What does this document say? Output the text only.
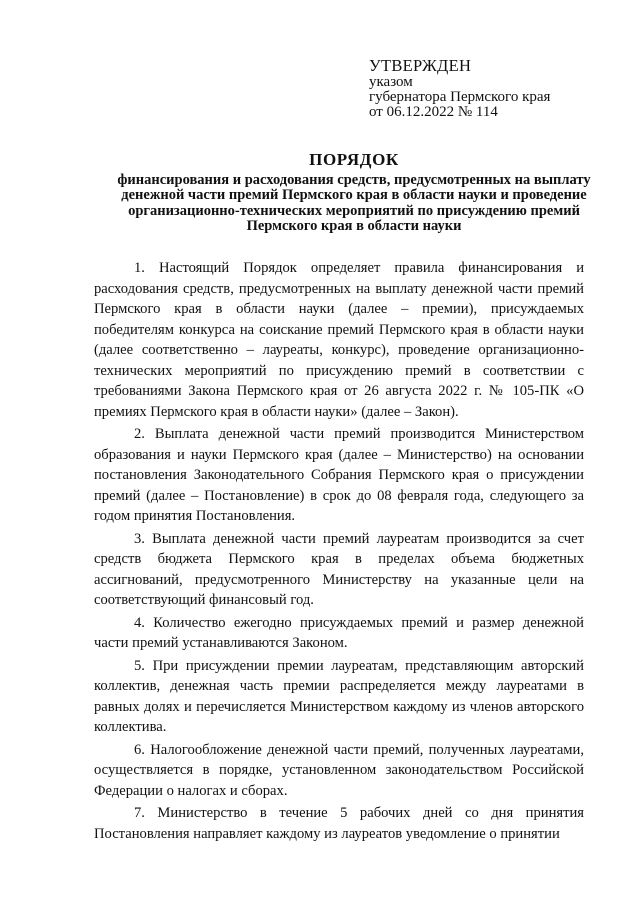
УТВЕРЖДЕН
указом
губернатора Пермского края
от 06.12.2022 № 114
ПОРЯДОК
финансирования и расходования средств, предусмотренных на выплату денежной части премий Пермского края в области науки и проведение организационно-технических мероприятий по присуждению премий Пермского края в области науки

1. Настоящий Порядок определяет правила финансирования и расходования средств, предусмотренных на выплату денежной части премий Пермского края в области науки (далее – премии), присуждаемых победителям конкурса на соискание премий Пермского края в области науки (далее соответственно – лауреаты, конкурс), проведение организационно-технических мероприятий по присуждению премий в соответствии с требованиями Закона Пермского края от 26 августа 2022 г. № 105-ПК «О премиях Пермского края в области науки» (далее – Закон).

2. Выплата денежной части премий производится Министерством образования и науки Пермского края (далее – Министерство) на основании постановления Законодательного Собрания Пермского края о присуждении премий (далее – Постановление) в срок до 08 февраля года, следующего за годом принятия Постановления.

3. Выплата денежной части премий лауреатам производится за счет средств бюджета Пермского края в пределах объема бюджетных ассигнований, предусмотренного Министерству на указанные цели на соответствующий финансовый год.

4. Количество ежегодно присуждаемых премий и размер денежной части премий устанавливаются Законом.

5. При присуждении премии лауреатам, представляющим авторский коллектив, денежная часть премии распределяется между лауреатами в равных долях и перечисляется Министерством каждому из членов авторского коллектива.

6. Налогообложение денежной части премий, полученных лауреатами, осуществляется в порядке, установленном законодательством Российской Федерации о налогах и сборах.

7. Министерство в течение 5 рабочих дней со дня принятия Постановления направляет каждому из лауреатов уведомление о принятии
